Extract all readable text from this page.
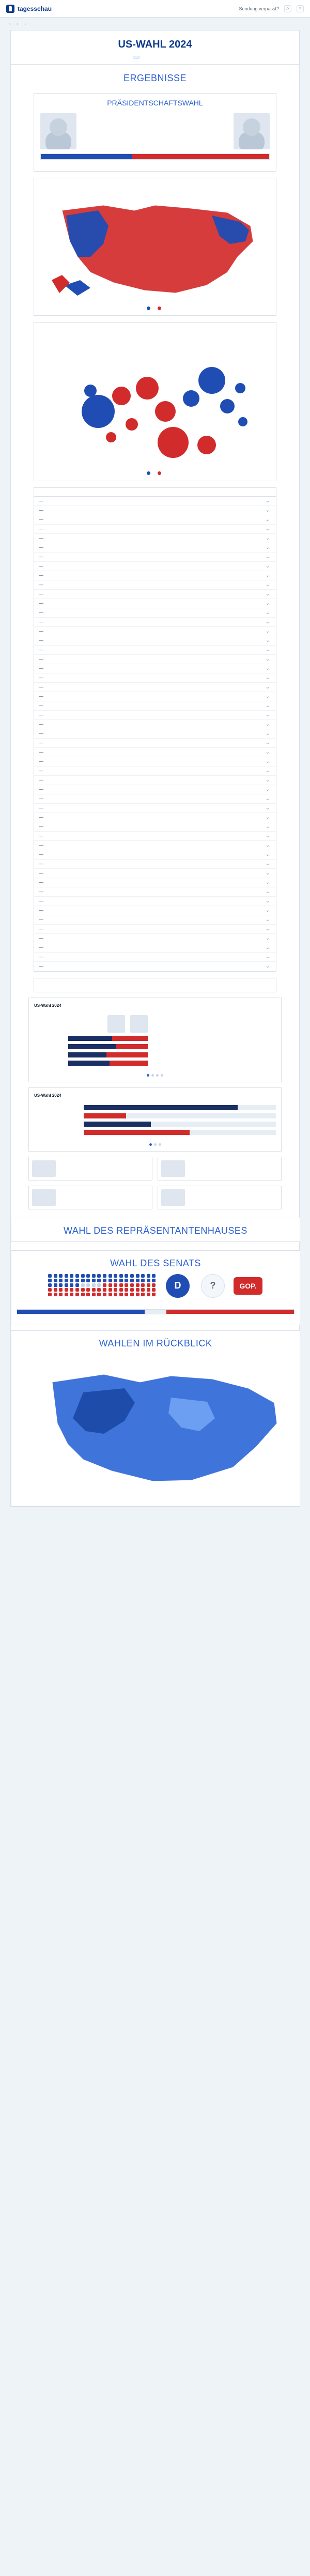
tagesschau	Sendung verpasst?	⌕	≡
› › ›
US-WAHL 2024
ERGEBNISSE
PRÄSIDENTSCHAFTSWAHL
—	⌄
—	⌄
—	⌄
—	⌄
—	⌄
—	⌄
—	⌄
—	⌄
—	⌄
—	⌄
—	⌄
—	⌄
—	⌄
—	⌄
—	⌄
—	⌄
—	⌄
—	⌄
—	⌄
—	⌄
—	⌄
—	⌄
—	⌄
—	⌄
—	⌄
—	⌄
—	⌄
—	⌄
—	⌄
—	⌄
—	⌄
—	⌄
—	⌄
—	⌄
—	⌄
—	⌄
—	⌄
—	⌄
—	⌄
—	⌄
—	⌄
—	⌄
—	⌄
—	⌄
—	⌄
—	⌄
—	⌄
—	⌄
—	⌄
—	⌄
—	⌄
US-Wahl 2024
US-Wahl 2024
WAHL DES REPRÄSENTANTENHAUSES
WAHL DES SENATS
D	?	GOP.
WAHLEN IM RÜCKBLICK
